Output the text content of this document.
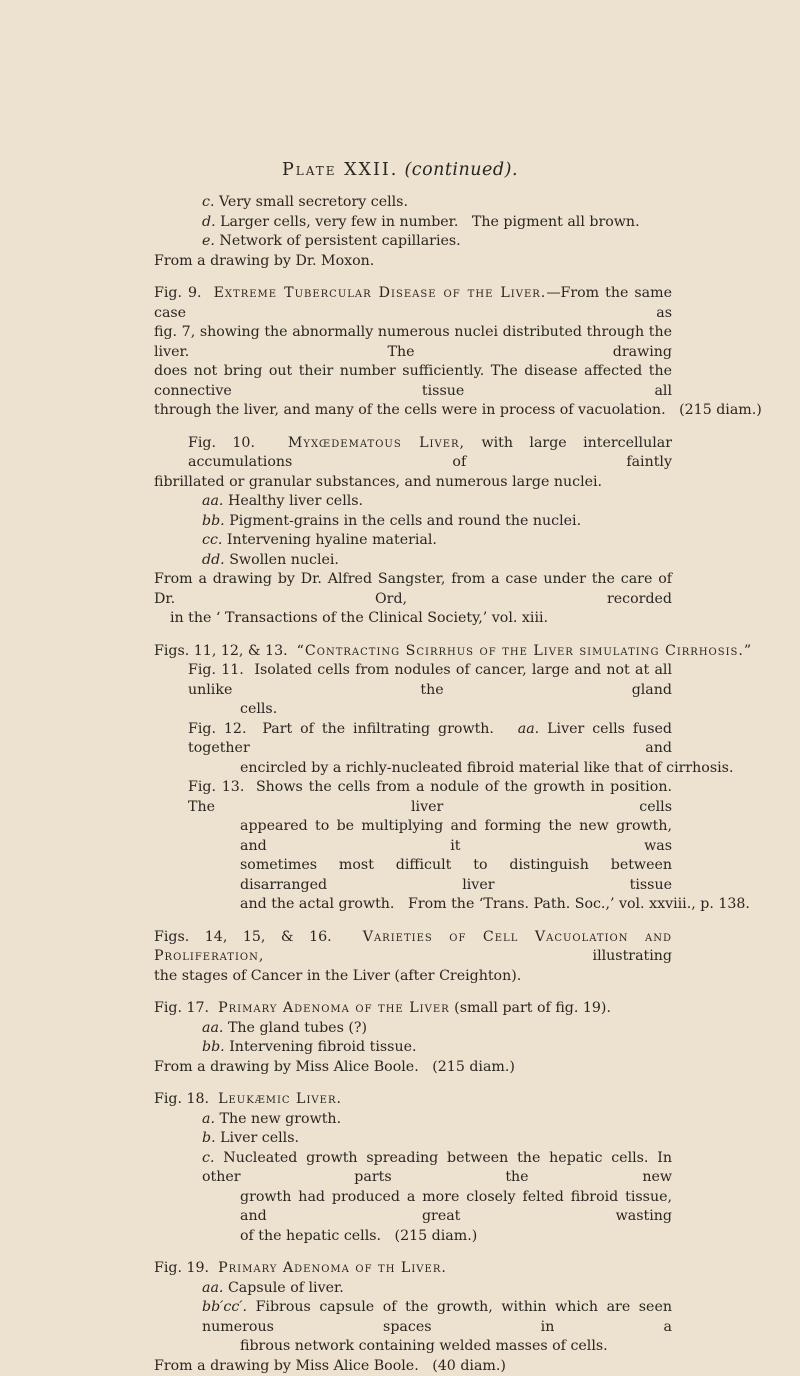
Plate XXII. (continued).
c. Very small secretory cells.
d. Larger cells, very few in number.   The pigment all brown.
e. Network of persistent capillaries.
From a drawing by Dr. Moxon.
Fig. 9. Extreme Tubercular Disease of the Liver.—From the same case as
fig. 7, showing the abnormally numerous nuclei distributed through the liver. The drawing
does not bring out their number sufficiently. The disease affected the connective tissue all
through the liver, and many of the cells were in process of vacuolation.   (215 diam.)
Fig. 10. Myxœdematous Liver, with large intercellular accumulations of faintly
fibrillated or granular substances, and numerous large nuclei.
aa. Healthy liver cells.
bb. Pigment-grains in the cells and round the nuclei.
cc. Intervening hyaline material.
dd. Swollen nuclei.
From a drawing by Dr. Alfred Sangster, from a case under the care of Dr. Ord, recorded
in the ‘ Transactions of the Clinical Society,’ vol. xiii.
Figs. 11, 12, & 13. “Contracting Scirrhus of the Liver simulating Cirrhosis.”
Fig. 11. Isolated cells from nodules of cancer, large and not at all unlike the gland
cells.
Fig. 12. Part of the infiltrating growth. aa. Liver cells fused together and
encircled by a richly-nucleated fibroid material like that of cirrhosis.
Fig. 13. Shows the cells from a nodule of the growth in position. The liver cells
appeared to be multiplying and forming the new growth, and it was
sometimes most difficult to distinguish between disarranged liver tissue
and the actal growth.   From the ‘Trans. Path. Soc.,’ vol. xxviii., p. 138.
Figs. 14, 15, & 16. Varieties of Cell Vacuolation and Proliferation, illustrating
the stages of Cancer in the Liver (after Creighton).
Fig. 17. Primary Adenoma of the Liver (small part of fig. 19).
aa. The gland tubes (?)
bb. Intervening fibroid tissue.
From a drawing by Miss Alice Boole.   (215 diam.)
Fig. 18. Leukæmic Liver.
a. The new growth.
b. Liver cells.
c. Nucleated growth spreading between the hepatic cells. In other parts the new
growth had produced a more closely felted fibroid tissue, and great wasting
of the hepatic cells.   (215 diam.)
Fig. 19. Primary Adenoma of th Liver.
aa. Capsule of liver.
bb′cc′. Fibrous capsule of the growth, within which are seen numerous spaces in a
fibrous network containing welded masses of cells.
From a drawing by Miss Alice Boole.   (40 diam.)
